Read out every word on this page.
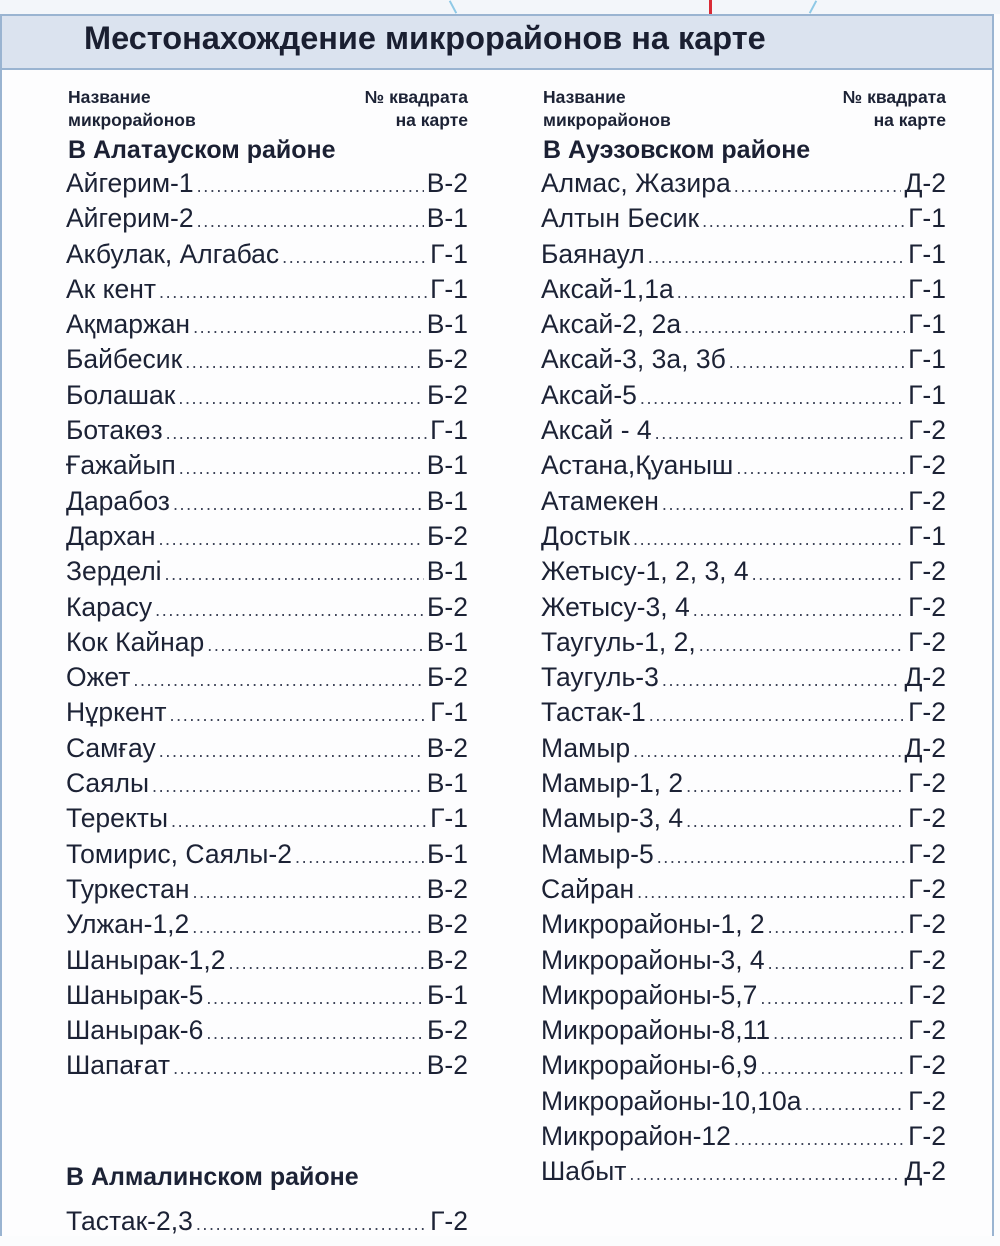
Местонахождение микрорайонов на карте
Название
микрорайонов
№ квадрата
на карте
В Алатауском районе
Айгерим-1 .....	В-2
Айгерим-2 .....	В-1
Акбулак, Алгабас .....	Г-1
Ак кент .....	Г-1
Ақмаржан .....	В-1
Байбесик .....	Б-2
Болашак .....	Б-2
Ботакөз .....	Г-1
Ғажайып .....	В-1
Дарабоз .....	В-1
Дархан .....	Б-2
Зерделі .....	В-1
Карасу .....	Б-2
Кок Кайнар .....	В-1
Ожет .....	Б-2
Нұркент .....	Г-1
Самғау .....	В-2
Саялы .....	В-1
Теректы .....	Г-1
Томирис, Саялы-2 .....	Б-1
Туркестан .....	В-2
Улжан-1,2 .....	В-2
Шанырак-1,2 .....	В-2
Шанырак-5 .....	Б-1
Шанырак-6 .....	Б-2
Шапағат .....	В-2
Название
микрорайонов
№ квадрата
на карте
В Ауэзовском районе
Алмас, Жазира .....	Д-2
Алтын Бесик .....	Г-1
Баянаул .....	Г-1
Аксай-1,1а .....	Г-1
Аксай-2, 2а .....	Г-1
Аксай-3, 3а, 3б .....	Г-1
Аксай-5 .....	Г-1
Аксай - 4 .....	Г-2
Астана,Қуаныш .....	Г-2
Атамекен .....	Г-2
Достык .....	Г-1
Жетысу-1, 2, 3, 4 .....	Г-2
Жетысу-3, 4 .....	Г-2
Таугуль-1, 2, .....	Г-2
Таугуль-3 .....	Д-2
Тастак-1 .....	Г-2
Мамыр .....	Д-2
Мамыр-1, 2 .....	Г-2
Мамыр-3, 4 .....	Г-2
Мамыр-5 .....	Г-2
Сайран .....	Г-2
Микрорайоны-1, 2 .....	Г-2
Микрорайоны-3, 4 .....	Г-2
Микрорайоны-5,7 .....	Г-2
Микрорайоны-8,11 .....	Г-2
Микрорайоны-6,9 .....	Г-2
Микрорайоны-10,10а .....	Г-2
Микрорайон-12 .....	Г-2
Шабыт .....	Д-2
В Алмалинском районе
Тастак-2,3 .....	Г-2
